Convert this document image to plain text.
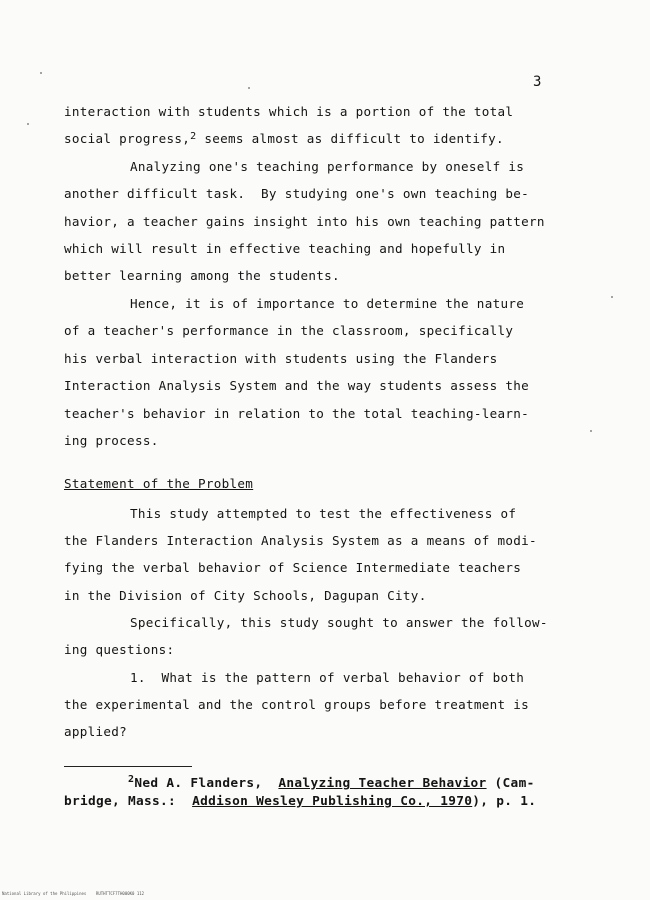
3
interaction with students which is a portion of the total
social progress,$^2$ seems almost as difficult to identify.
Analyzing one's teaching performance by oneself is
another difficult task.  By studying one's own teaching be-
havior, a teacher gains insight into his own teaching pattern
which will result in effective teaching and hopefully in
better learning among the students.
Hence, it is of importance to determine the nature
of a teacher's performance in the classroom, specifically
his verbal interaction with students using the Flanders
Interaction Analysis System and the way students assess the
teacher's behavior in relation to the total teaching-learn-
ing process.
Statement of the Problem
This study attempted to test the effectiveness of
the Flanders Interaction Analysis System as a means of modi-
fying the verbal behavior of Science Intermediate teachers
in the Division of City Schools, Dagupan City.
Specifically, this study sought to answer the follow-
ing questions:
1.  What is the pattern of verbal behavior of both
the experimental and the control groups before treatment is
applied?
$^2$Ned A. Flanders,  Analyzing Teacher Behavior (Cam-
bridge, Mass.:  Addison Wesley Publishing Co., 1970), p. 1.
National Library of the Philippines    RUTHTTCF7TH000K0 112
